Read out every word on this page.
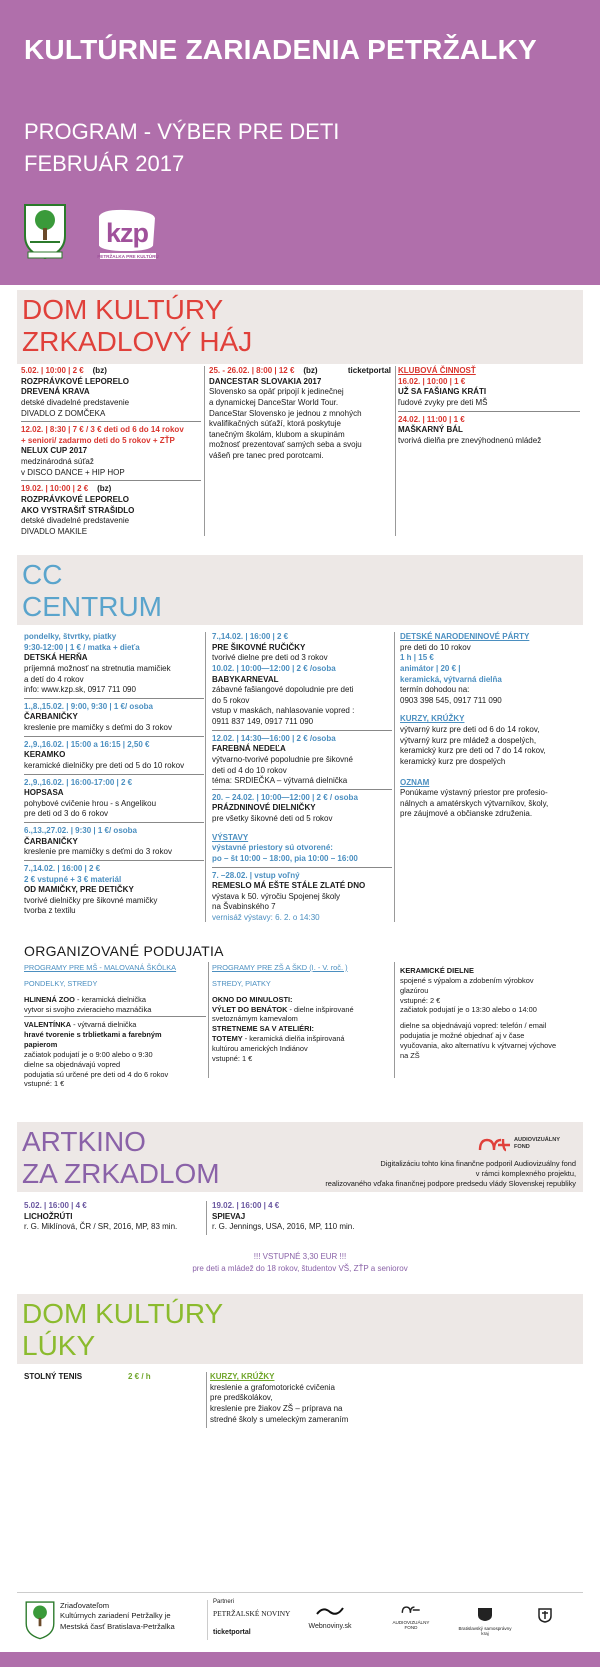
KULTÚRNE ZARIADENIA PETRŽALKY
PROGRAM - VÝBER PRE DETI
FEBRUÁR 2017
kzp
PETRŽALKA PRE KULTÚRU
DOM KULTÚRY
ZRKADLOVÝ HÁJ
5.02. | 10:00 | 2 € (bz)
ROZPRÁVKOVÉ LEPORELO
DREVENÁ KRAVA
detské divadelné predstavenie
DIVADLO Z DOMČEKA
12.02. | 8:30 | 7 € / 3 € deti od 6 do 14 rokov
+ seniori/ zadarmo deti do 5 rokov + ZŤP
NELUX CUP 2017
medzinárodná súťaž
v DISCO DANCE + HIP HOP
19.02. | 10:00 | 2 € (bz)
ROZPRÁVKOVÉ LEPORELO
AKO VYSTRAŠIŤ STRAŠIDLO
detské divadelné predstavenie
DIVADLO MAKILE
25. - 26.02. | 8:00 | 12 € (bz)	ticketportal
DANCESTAR SLOVAKIA 2017
Slovensko sa opäť pripojí k jedinečnej
a dynamickej DanceStar World Tour.
DanceStar Slovensko je jednou z mnohých
kvalifikačných súťaží, ktorá poskytuje
tanečným školám, klubom a skupinám
možnosť prezentovať samých seba a svoju
vášeň pre tanec pred porotcami.
KLUBOVÁ ČINNOSŤ
16.02. | 10:00 | 1 €
UŽ SA FAŠIANG KRÁTI
ľudové zvyky pre deti MŠ
24.02. | 11:00 | 1 €
MAŠKARNÝ BÁL
tvorivá dielňa pre znevýhodnenú mládež
CC
CENTRUM
pondelky, štvrtky, piatky
9:30-12:00 | 1 € / matka + dieťa
DETSKÁ HERŇA
príjemná možnosť na stretnutia mamičiek
a detí do 4 rokov
info: www.kzp.sk, 0917 711 090
1.,8.,15.02. | 9:00, 9:30 | 1 €/ osoba
ČARBANIČKY
kreslenie pre mamičky s deťmi do 3 rokov
2.,9.,16.02. | 15:00 a 16:15 | 2,50 €
KERAMKO
keramické dielničky pre deti od 5 do 10 rokov
2.,9.,16.02. | 16:00-17:00 | 2 €
HOPSASA
pohybové cvičenie hrou - s Angelikou
pre deti od 3 do 6 rokov
6.,13.,27.02. | 9:30 | 1 €/ osoba
ČARBANIČKY
kreslenie pre mamičky s deťmi do 3 rokov
7.,14.02. | 16:00 | 2 €
2 € vstupné + 3 € materiál
OD MAMIČKY, PRE DETIČKY
tvorivé dielničky pre šikovné mamičky
tvorba z textilu
7.,14.02. | 16:00 | 2 €
PRE ŠIKOVNÉ RUČIČKY
tvorivé dielne pre deti od 3 rokov
10.02. | 10:00—12:00 | 2 € /osoba
BABYKARNEVAL
zábavné fašiangové dopoludnie pre deti
do 5 rokov
vstup v maskách, nahlasovanie vopred :
0911 837 149, 0917 711 090
12.02. | 14:30—16:00 | 2 € /osoba
FAREBNÁ NEDEĽA
výtvarno-tvorivé popoludnie pre šikovné
deti od 4 do 10 rokov
téma: SRDIEČKA – výtvarná dielnička
20. – 24.02. | 10:00—12:00 | 2 € / osoba
PRÁZDNINOVÉ DIELNIČKY
pre všetky šikovné deti od 5 rokov
VÝSTAVY
výstavné priestory sú otvorené:
po – št 10:00 – 18:00, pia 10:00 – 16:00
7. –28.02. | vstup voľný
REMESLO MÁ EŠTE STÁLE ZLATÉ DNO
výstava k 50. výročiu Spojenej školy
na Švabinského 7
vernisáž výstavy: 6. 2. o 14:30
DETSKÉ NARODENINOVÉ PÁRTY
pre deti do 10 rokov
1 h | 15 €
animátor | 20 € |
keramická, výtvarná dielňa
termín dohodou na:
0903 398 545, 0917 711 090
KURZY, KRÚŽKY
výtvarný kurz pre deti od 6 do 14 rokov,
výtvarný kurz pre mládež a dospelých,
keramický kurz pre deti od 7 do 14 rokov,
keramický kurz pre dospelých
OZNAM
Ponúkame výstavný priestor pre profesio-
nálnych a amatérskych výtvarníkov, školy,
pre záujmové a občianske združenia.
ORGANIZOVANÉ PODUJATIA
PROGRAMY PRE MŠ - MALOVANÁ ŠKÔLKA
PONDELKY, STREDY
HLINENÁ ZOO - keramická dielnička
vytvor si svojho zvieracieho maznáčika
VALENTÍNKA - výtvarná dielnička
hravé tvorenie s trblietkami a farebným
papierom
začiatok podujatí je o 9:00 alebo o 9:30
dielne sa objednávajú vopred
podujatia sú určené pre deti od 4 do 6 rokov
vstupné: 1 €
PROGRAMY PRE ZŠ A ŠKD (I. - V. roč. )
STREDY, PIATKY
OKNO DO MINULOSTI:
VÝLET DO BENÁTOK - dielne inšpirované
svetoznámym karnevalom
STRETNEME SA V ATELIÉRI:
TOTEMY - keramická dielňa inšpirovaná
kultúrou amerických Indiánov
vstupné: 1 €
KERAMICKÉ DIELNE
spojené s výpalom a zdobením výrobkov
glazúrou
vstupné: 2 €
začiatok podujatí je o 13:30 alebo o 14:00
dielne sa objednávajú vopred: telefón / email
podujatia je možné objednať aj v čase
vyučovania, ako alternatívu k výtvarnej výchove
na ZŠ
ARTKINO
ZA ZRKADLOM
AUDIOVIZUÁLNY
FOND
Digitalizáciu tohto kina finančne podporil Audiovizuálny fond
v rámci komplexného projektu,
realizovaného vďaka finančnej podpore predsedu vlády Slovenskej republiky
5.02. | 16:00 | 4 €
LICHOŽRÚTI
r. G. Miklínová, ČR / SR, 2016, MP, 83 min.
19.02. | 16:00 | 4 €
SPIEVAJ
r. G. Jennings, USA, 2016, MP, 110 min.
!!! VSTUPNÉ 3,30 EUR !!!
pre deti a mládež do 18 rokov, študentov VŠ, ZŤP a seniorov
DOM KULTÚRY
LÚKY
STOLNÝ TENIS	2 € / h	KURZY, KRÚŽKY
kreslenie a grafomotorické cvičenia
pre predškolákov,
kreslenie pre žiakov ZŠ – príprava na
stredné školy s umeleckým zameraním
Zriaďovateľom
Kultúrnych zariadení Petržalky je
Mestská časť Bratislava-Petržalka
Partneri
PETRŽALSKÉ NOVINY
ticketportal
Webnoviny.sk
AUDIOVIZUÁLNY FOND	Bratislavský samosprávny kraj
